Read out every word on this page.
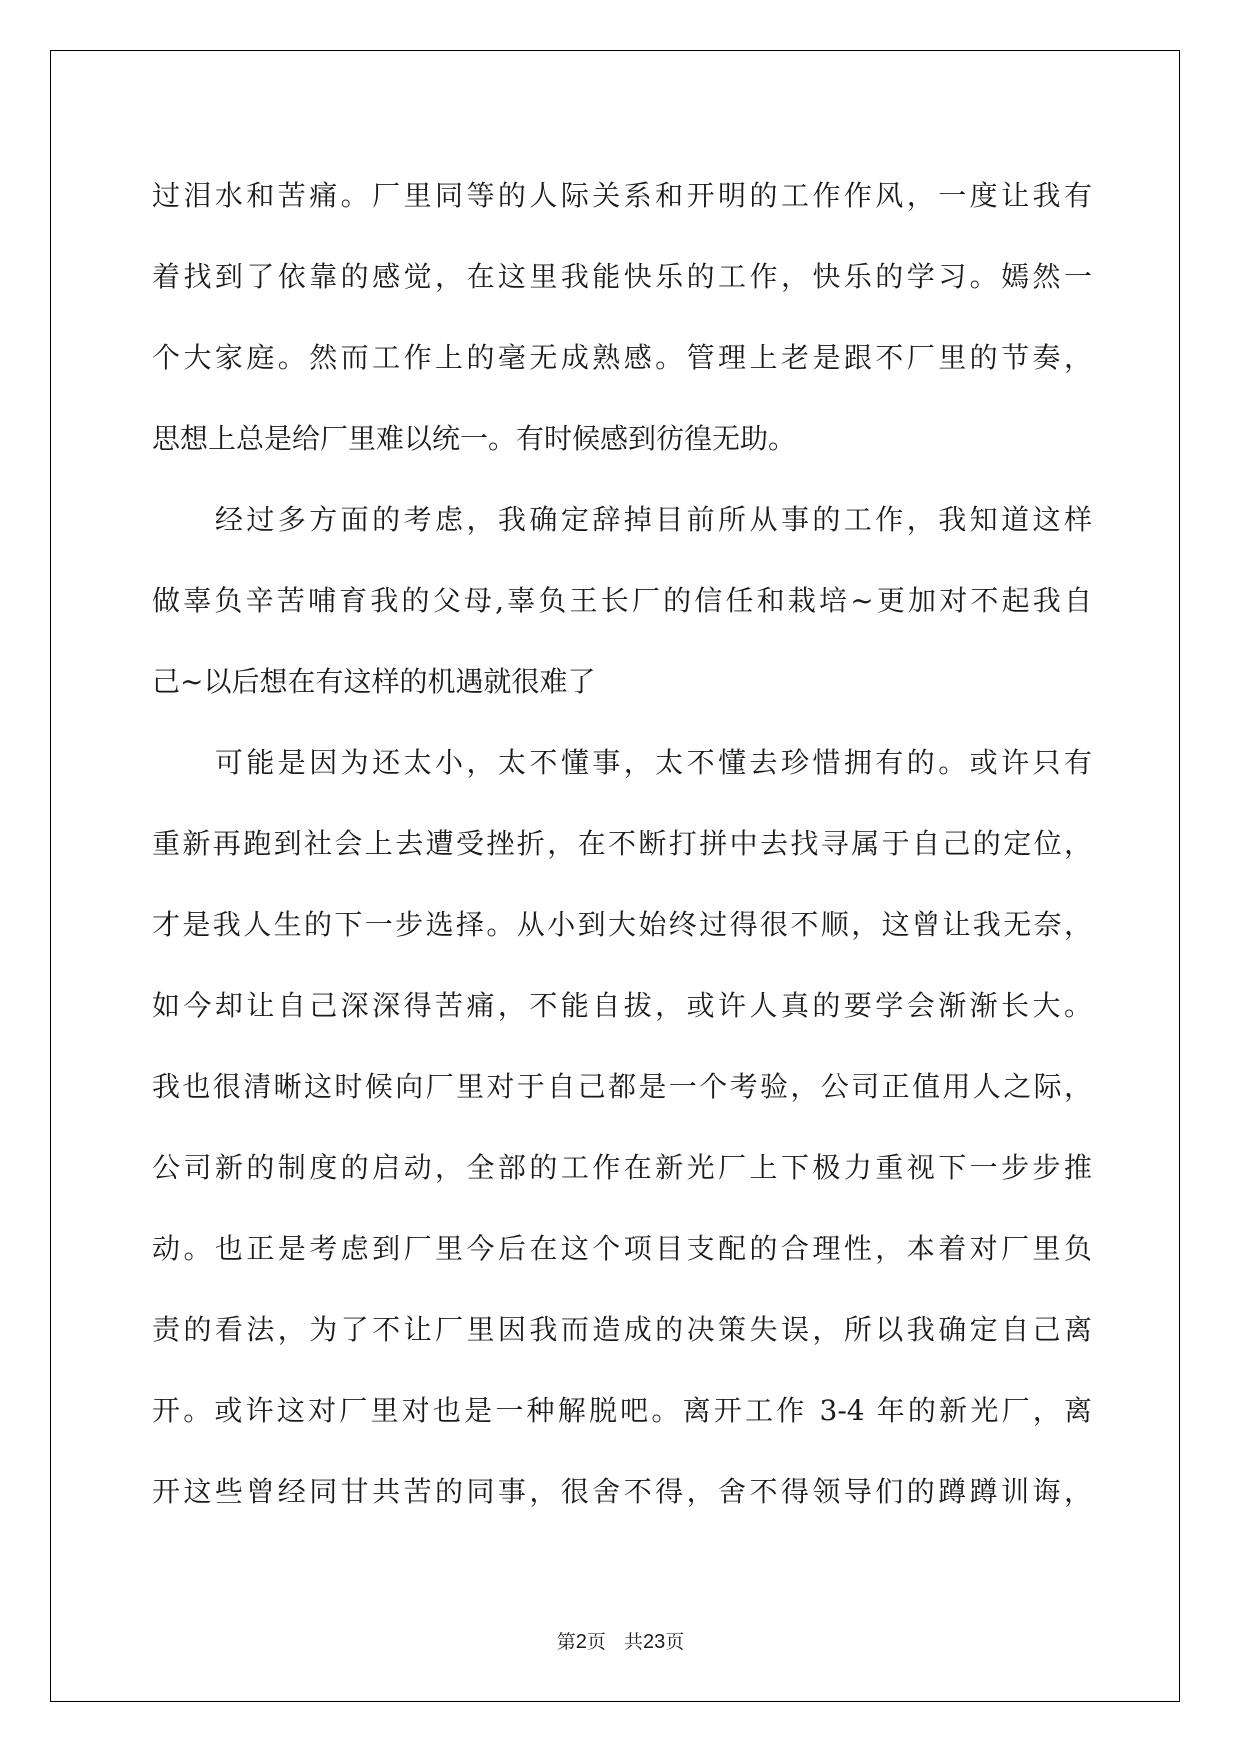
过泪水和苦痛。厂里同等的人际关系和开明的工作作风，一度让我有

着找到了依靠的感觉，在这里我能快乐的工作，快乐的学习。嫣然一

个大家庭。然而工作上的毫无成熟感。管理上老是跟不厂里的节奏，

思想上总是给厂里难以统一。有时候感到彷徨无助。

　　经过多方面的考虑，我确定辞掉目前所从事的工作，我知道这样

做辜负辛苦哺育我的父母,辜负王长厂的信任和栽培~更加对不起我自

己~以后想在有这样的机遇就很难了

　　可能是因为还太小，太不懂事，太不懂去珍惜拥有的。或许只有

重新再跑到社会上去遭受挫折，在不断打拼中去找寻属于自己的定位，

才是我人生的下一步选择。从小到大始终过得很不顺，这曾让我无奈，

如今却让自己深深得苦痛，不能自拔，或许人真的要学会渐渐长大。

我也很清晰这时候向厂里对于自己都是一个考验，公司正值用人之际，

公司新的制度的启动，全部的工作在新光厂上下极力重视下一步步推

动。也正是考虑到厂里今后在这个项目支配的合理性，本着对厂里负

责的看法，为了不让厂里因我而造成的决策失误，所以我确定自己离

开。或许这对厂里对也是一种解脱吧。离开工作 3-4 年的新光厂，离

开这些曾经同甘共苦的同事，很舍不得，舍不得领导们的蹲蹲训诲，

第2页 共23页
